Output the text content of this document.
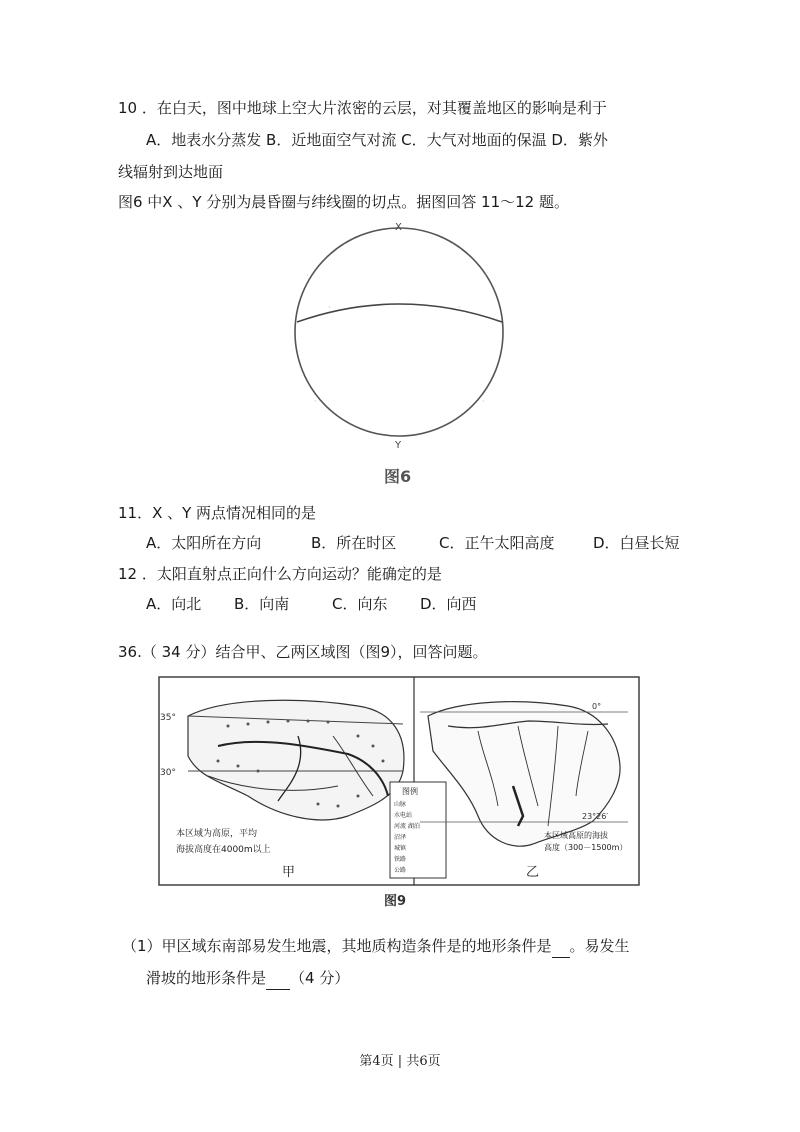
10 ．在白天，图中地球上空大片浓密的云层，对其覆盖地区的影响是利于
A．地表水分蒸发 B．近地面空气对流 C．大气对地面的保温 D．紫外
线辐射到达地面
图6 中X 、Y 分别为晨昏圈与纬线圈的切点。据图回答 11～12 题。
X
Y
·	·
·	·
·	·
图6
11．X 、Y 两点情况相同的是
A．太阳所在方向	B．所在时区	C．正午太阳高度	D．白昼长短
12 ．太阳直射点正向什么方向运动？能确定的是
A．向北 B．向南	C．向东 D．向西
36.（ 34 分）结合甲、乙两区域图（图9），回答问题。
35°
30°
本区域为高原，平均
海拔高度在4000m以上
甲
图例
山脉
水电站
河流 湖泊
沼泽
城镇
铁路
公路
0°
23°26′
本区域高原的海拔
高度（300－1500m）
乙
图9
（1）甲区域东南部易发生地震，其地质构造条件是的地形条件是 。易发生
滑坡的地形条件是 （4 分）
第4页 | 共6页
